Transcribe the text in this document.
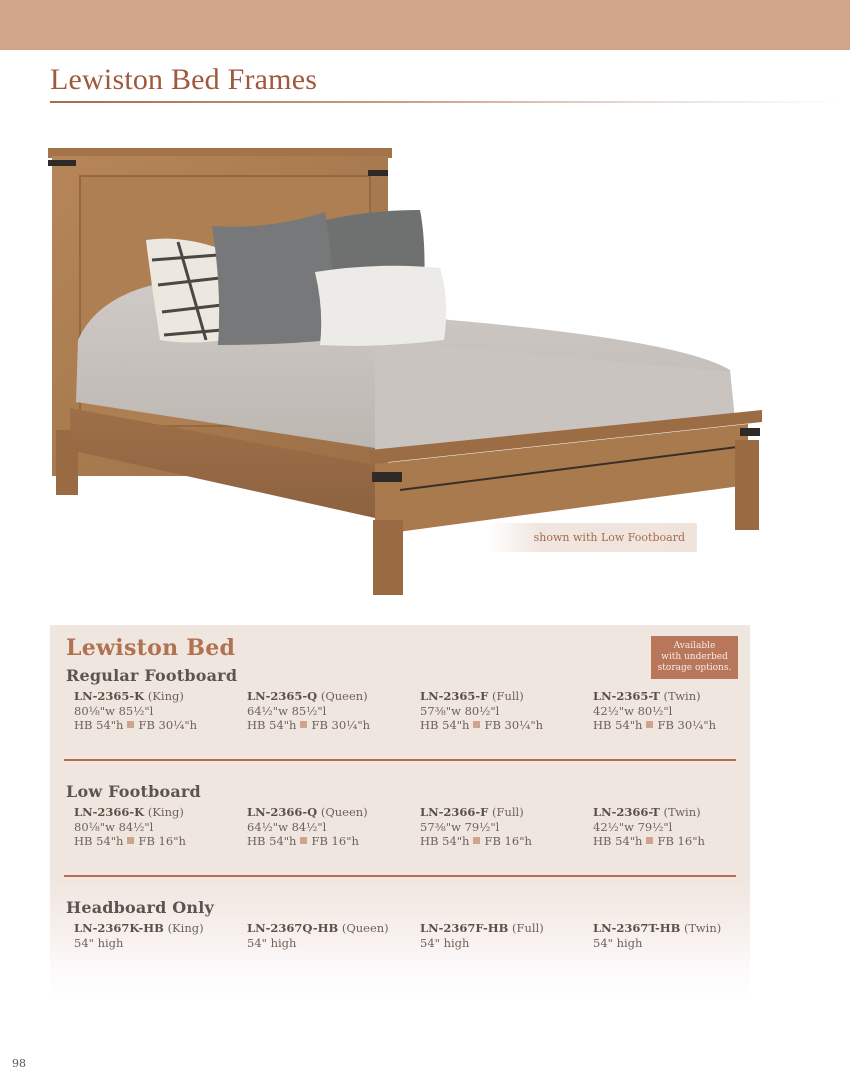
Lewiston Bed Frames
shown with Low Footboard
Lewiston Bed	Available
with underbed
storage options.
Regular Footboard
LN-2365-K (King)
80⅛"w 85½"l
HB 54"h FB 30¼"h
LN-2365-Q (Queen)
64½"w 85½"l
HB 54"h FB 30¼"h
LN-2365-F (Full)
57⅜"w 80½"l
HB 54"h FB 30¼"h
LN-2365-T (Twin)
42½"w 80½"l
HB 54"h FB 30¼"h
Low Footboard
LN-2366-K (King)
80⅛"w 84½"l
HB 54"h FB 16"h
LN-2366-Q (Queen)
64½"w 84½"l
HB 54"h FB 16"h
LN-2366-F (Full)
57⅜"w 79½"l
HB 54"h FB 16"h
LN-2366-T (Twin)
42½"w 79½"l
HB 54"h FB 16"h
Headboard Only
LN-2367K-HB (King)
54" high
LN-2367Q-HB (Queen)
54" high
LN-2367F-HB (Full)
54" high
LN-2367T-HB (Twin)
54" high
98
